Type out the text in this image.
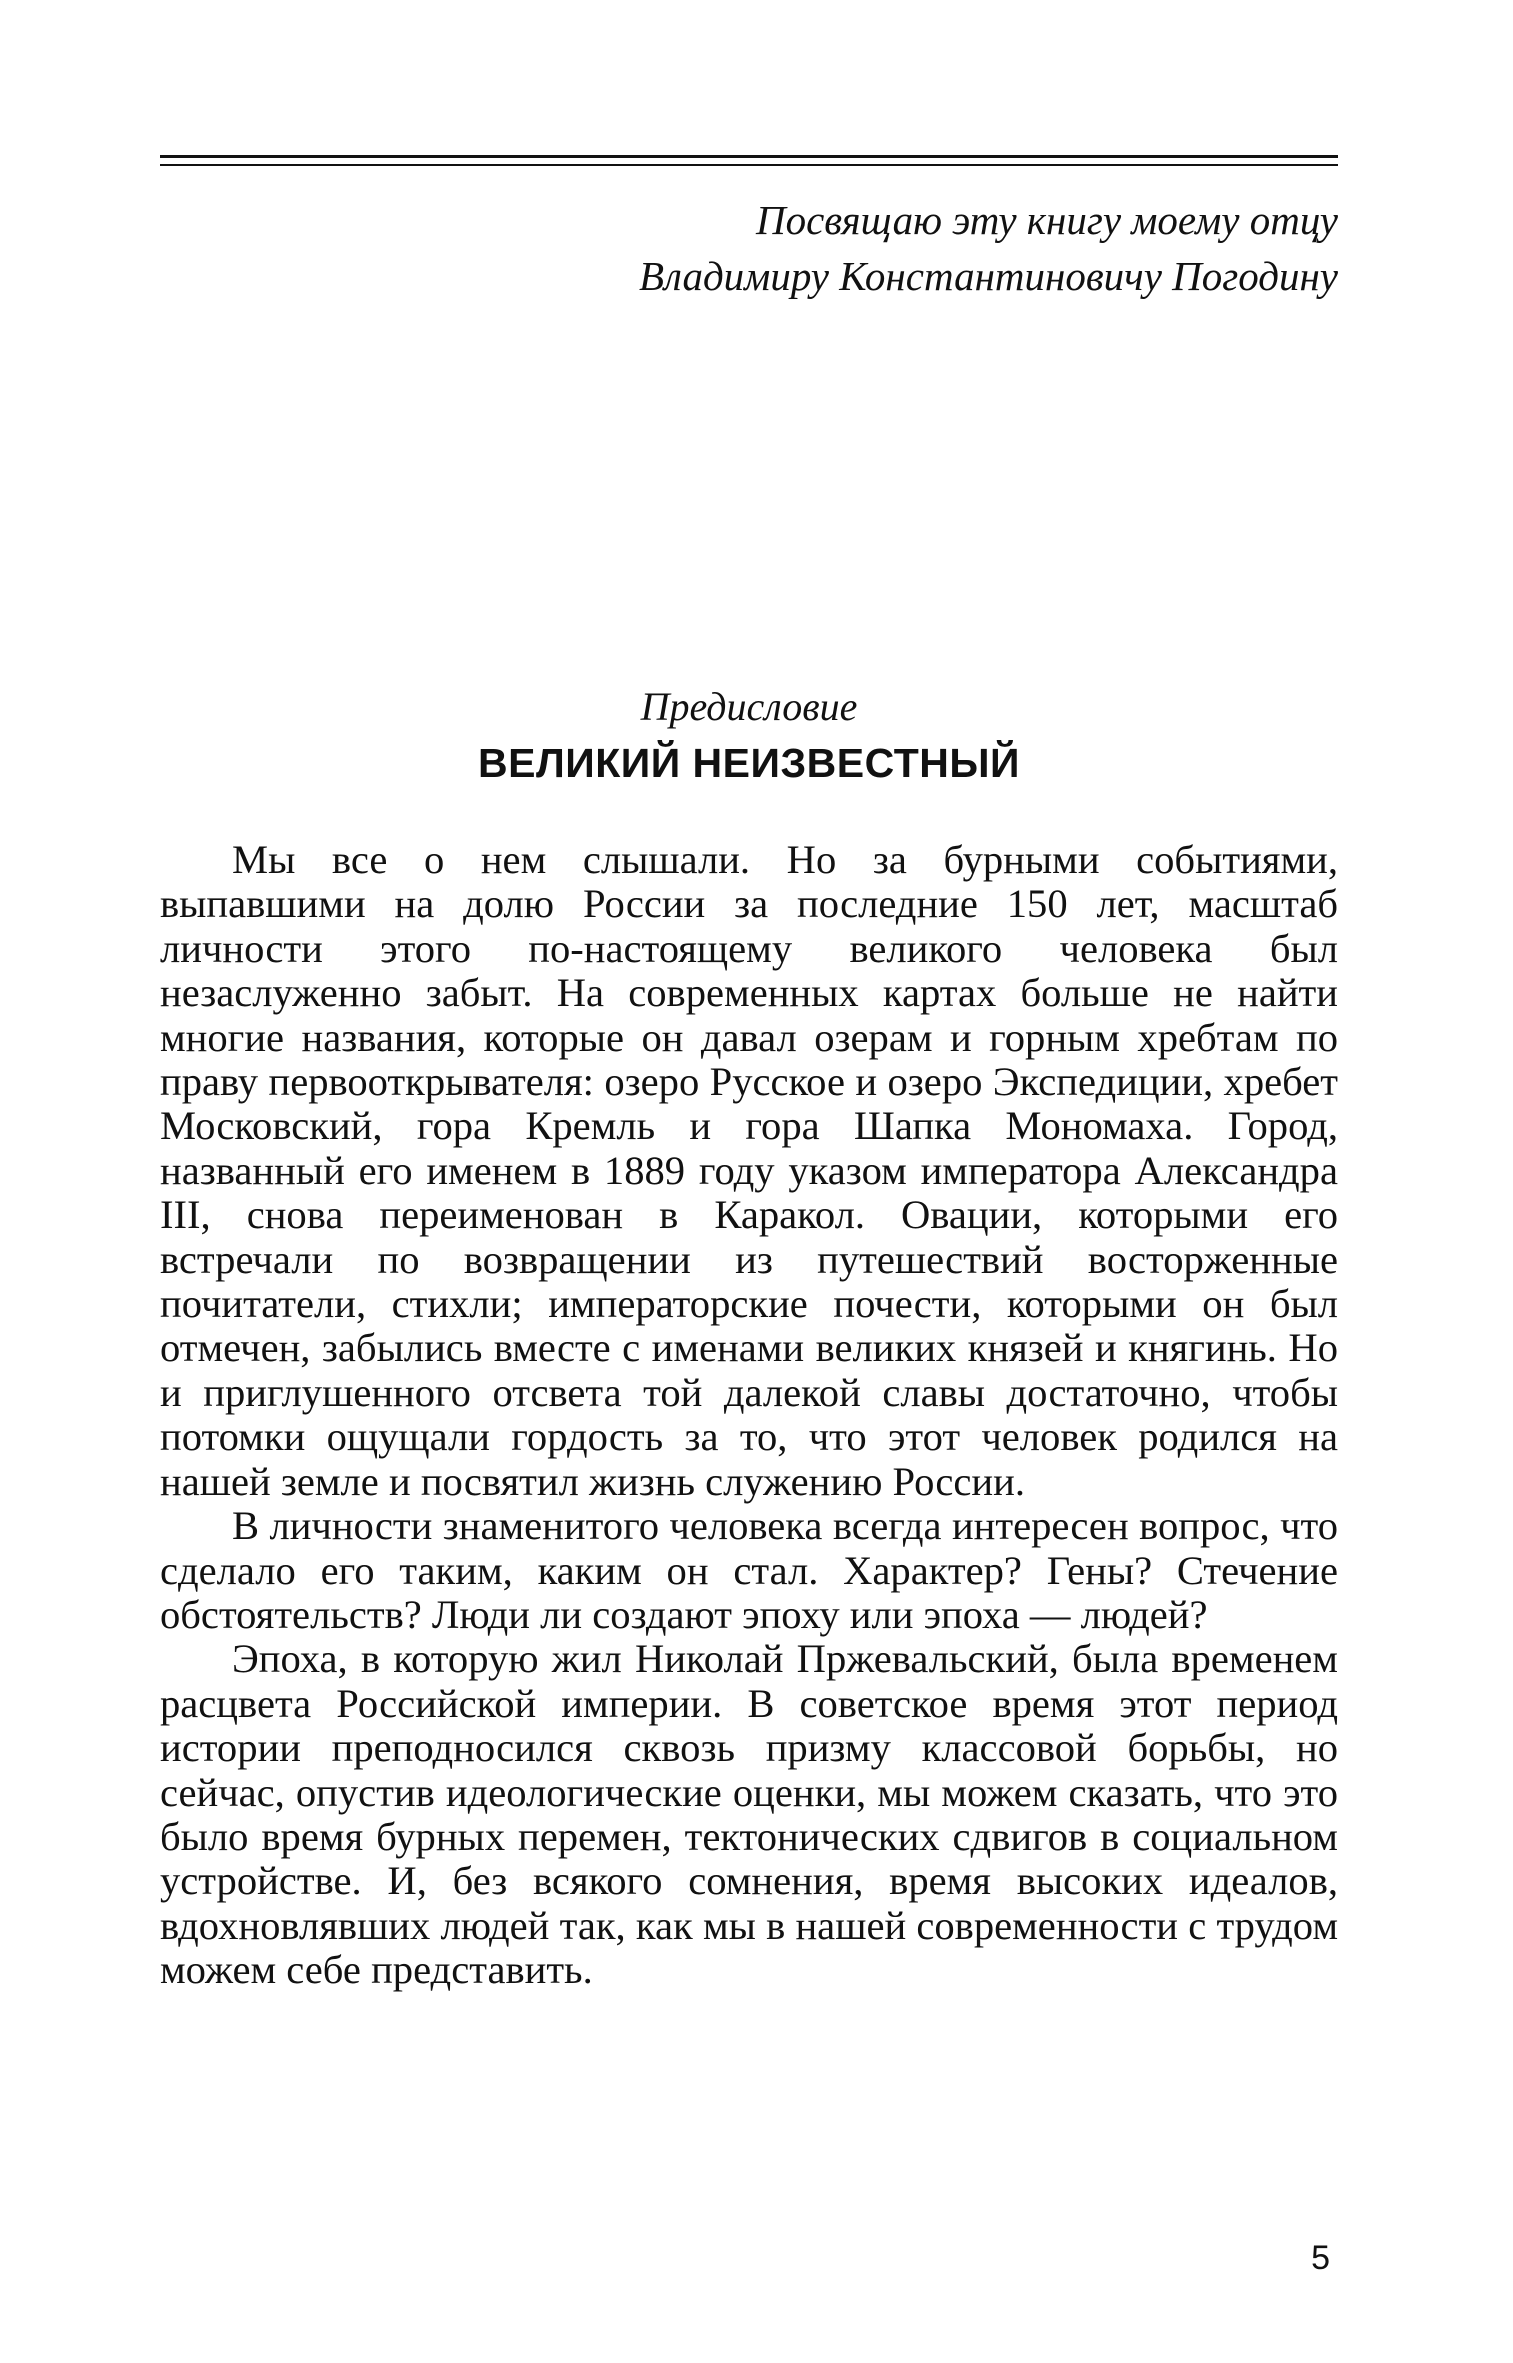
Посвящаю эту книгу моему отцу
Владимиру Константиновичу Погодину
Предисловие
ВЕЛИКИЙ НЕИЗВЕСТНЫЙ

Мы все о нем слышали. Но за бурными событиями, выпавшими на долю России за последние 150 лет, масштаб личности этого по-настоящему великого человека был незаслуженно забыт. На современных картах больше не найти многие названия, которые он давал озерам и горным хребтам по праву первооткрывателя: озеро Русское и озеро Экспедиции, хребет Московский, гора Кремль и гора Шапка Мономаха. Город, названный его именем в 1889 году указом императора Александра III, снова переименован в Каракол. Овации, которыми его встречали по возвращении из путешествий восторженные почитатели, стихли; императорские почести, которыми он был отмечен, забылись вместе с именами великих князей и княгинь. Но и приглушенного отсвета той далекой славы достаточно, чтобы потомки ощущали гордость за то, что этот человек родился на нашей земле и посвятил жизнь служению России.

В личности знаменитого человека всегда интересен вопрос, что сделало его таким, каким он стал. Характер? Гены? Стечение обстоятельств? Люди ли создают эпоху или эпоха — людей?

Эпоха, в которую жил Николай Пржевальский, была временем расцвета Российской империи. В советское время этот период истории преподносился сквозь призму классовой борьбы, но сейчас, опустив идеологические оценки, мы можем сказать, что это было время бурных перемен, тектонических сдвигов в социальном устройстве. И, без всякого сомнения, время высоких идеалов, вдохновлявших людей так, как мы в нашей современности с трудом можем себе представить.

5
